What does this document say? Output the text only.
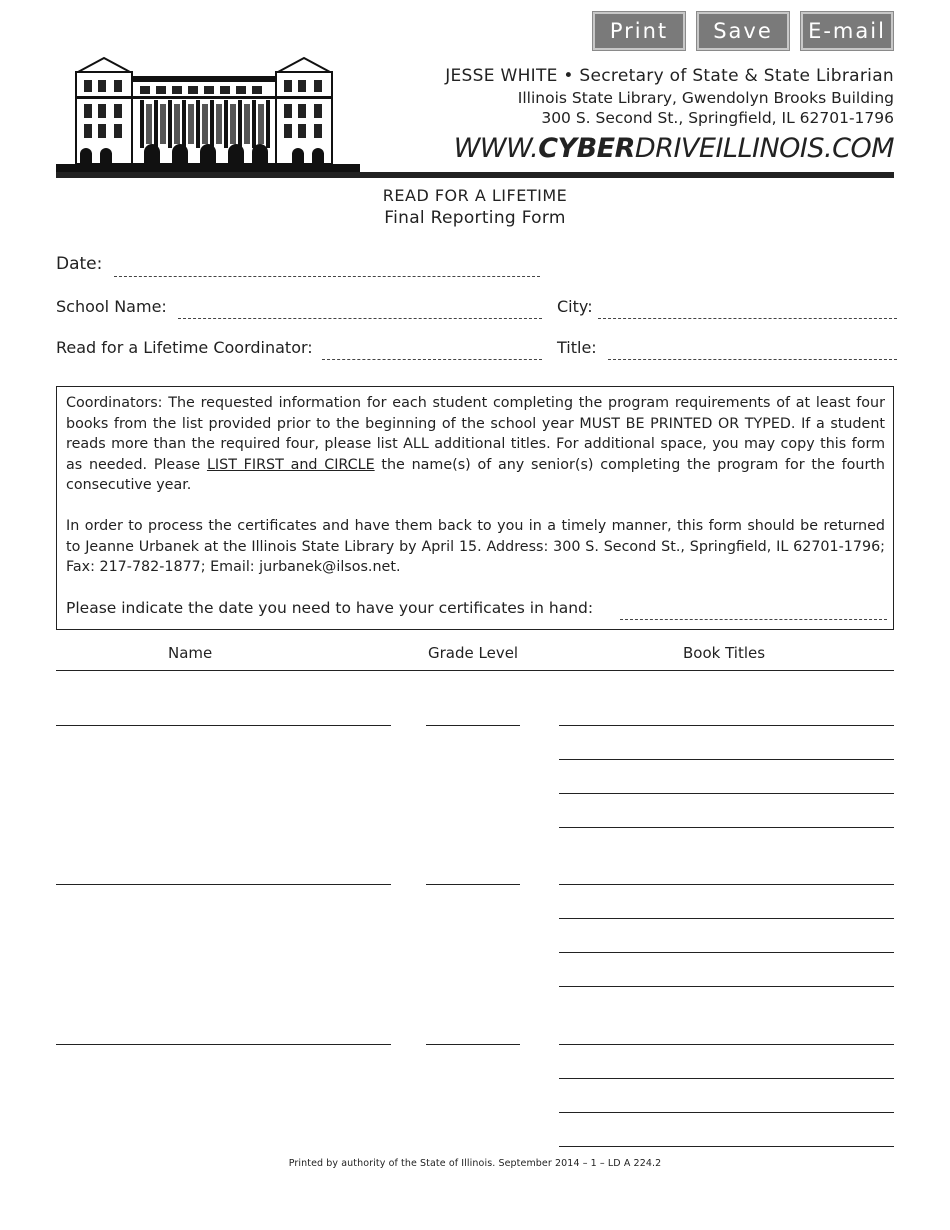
Print	Save	E-mail
JESSE WHITE • Secretary of State & State Librarian
Illinois State Library, Gwendolyn Brooks Building
300 S. Second St., Springfield, IL 62701-1796
WWW.CYBERDRIVEILLINOIS.COM
READ FOR A LIFETIME
Final Reporting Form
Date:
School Name:	City:
Read for a Lifetime Coordinator:	Title:

Coordinators: The requested information for each student completing the program requirements of at least four books from the list provided prior to the beginning of the school year MUST BE PRINTED OR TYPED. If a student reads more than the required four, please list ALL additional titles. For additional space, you may copy this form as needed. Please LIST FIRST and CIRCLE the name(s) of any senior(s) completing the program for the fourth consecutive year.

In order to process the certificates and have them back to you in a timely manner, this form should be returned to Jeanne Urbanek at the Illinois State Library by April 15. Address: 300 S. Second St., Springfield, IL 62701-1796; Fax: 217-782-1877; Email: jurbanek@ilsos.net.

Please indicate the date you need to have your certificates in hand:

Name	Grade Level	Book Titles
Printed by authority of the State of Illinois. September 2014 – 1 – LD A 224.2
